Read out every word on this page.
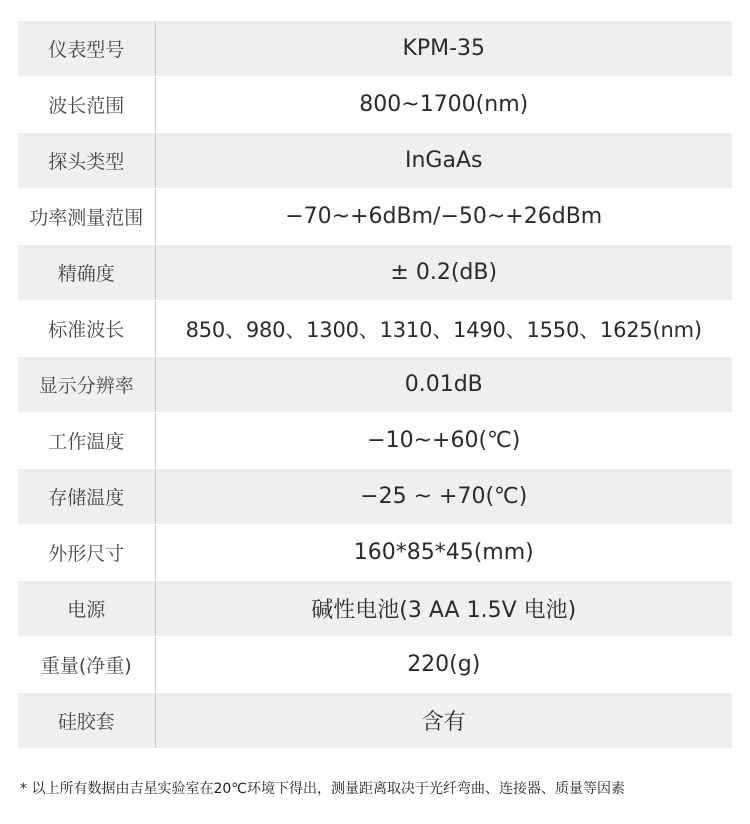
仪表型号	KPM-35
波长范围	800~1700(nm)
探头类型	InGaAs
功率测量范围	−70~+6dBm/−50~+26dBm
精确度	± 0.2(dB)
标准波长	850、980、1300、1310、1490、1550、1625(nm)
显示分辨率	0.01dB
工作温度	−10~+60(℃)
存储温度	−25 ~ +70(℃)
外形尺寸	160*85*45(mm)
电源	碱性电池(3 AA 1.5V 电池)
重量(净重)	220(g)
硅胶套	含有
* 以上所有数据由吉星实验室在20℃环境下得出，测量距离取决于光纤弯曲、连接器、质量等因素
